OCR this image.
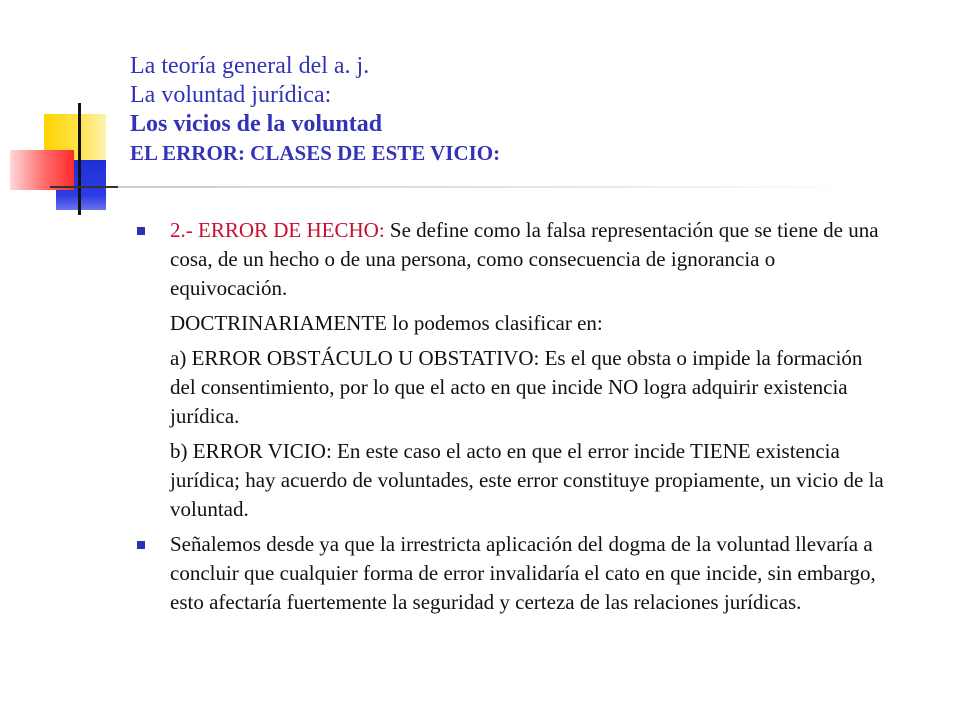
La teoría general del a. j.
La voluntad jurídica:
Los vicios de la voluntad
EL ERROR: CLASES DE ESTE VICIO:

2.- ERROR DE HECHO: Se define como la falsa representación que se tiene de una cosa, de un hecho o de una persona, como consecuencia de ignorancia o equivocación.

DOCTRINARIAMENTE lo podemos clasificar en:

a) ERROR OBSTÁCULO U OBSTATIVO: Es el que obsta o impide la formación del consentimiento, por lo que el acto en que incide NO logra adquirir existencia jurídica.

b) ERROR VICIO: En este caso el acto en que el error incide TIENE existencia jurídica; hay acuerdo de voluntades, este error constituye propiamente, un vicio de la voluntad.

Señalemos desde ya que la irrestricta aplicación del dogma de la voluntad llevaría a concluir que cualquier forma de error invalidaría el cato en que incide, sin embargo, esto afectaría fuertemente la seguridad y certeza de las relaciones jurídicas.
